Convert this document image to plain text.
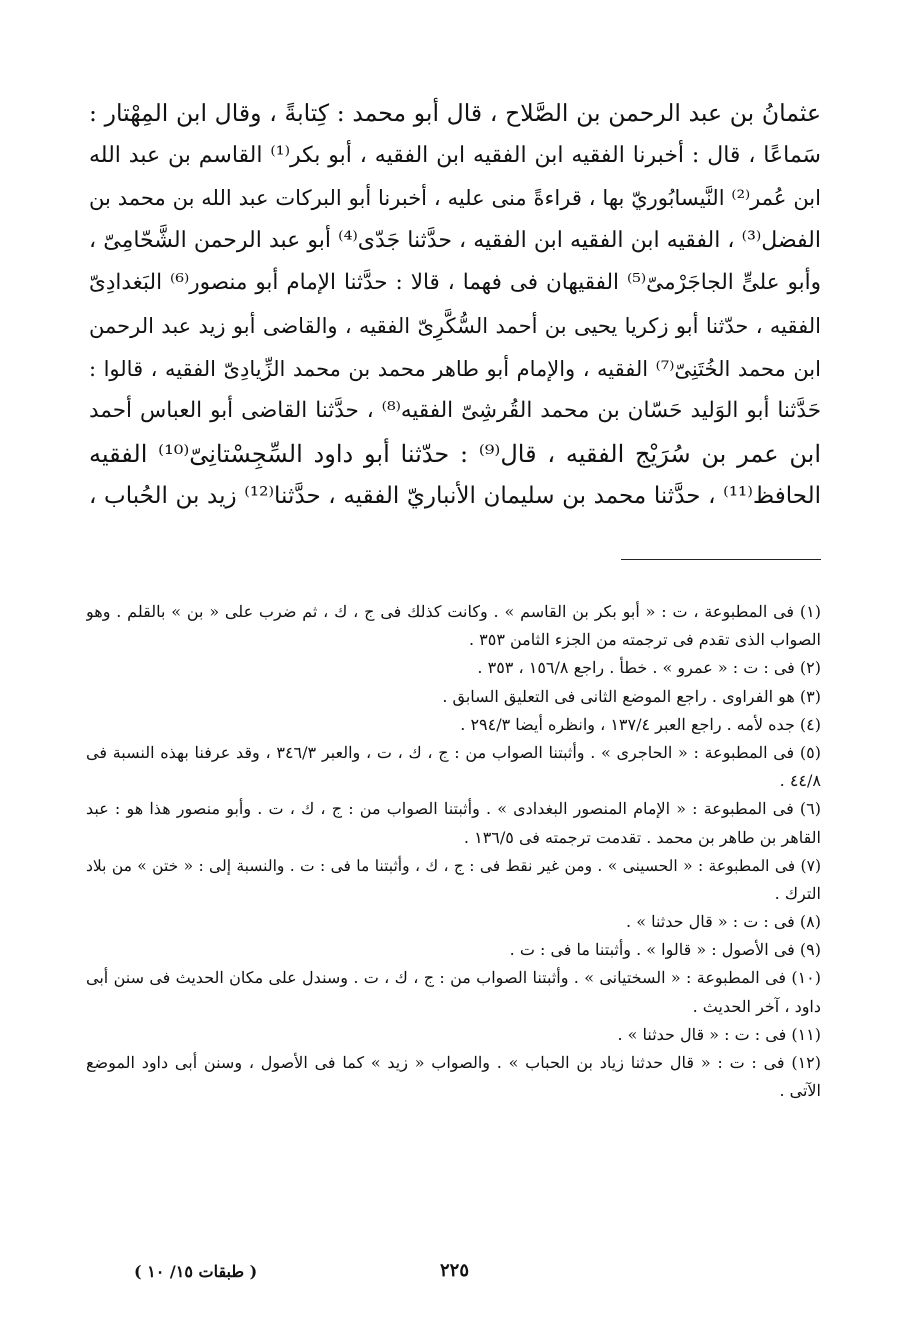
عثمانُ بن عبد الرحمن بن الصَّلاح ، قال أبو محمد : كِتابةً ، وقال ابن المِهْتار :
سَماعًا ، قال : أخبرنا الفقيه ابن الفقيه ابن الفقيه ، أبو بكر⁽¹⁾ القاسم بن عبد الله
ابن عُمر⁽²⁾ النَّيسابُوريّ بها ، قراءةً منى عليه ، أخبرنا أبو البركات عبد الله بن محمد بن
الفضل⁽³⁾ ، الفقيه ابن الفقيه ابن الفقيه ، حدَّثنا جَدّى⁽⁴⁾ أبو عبد الرحمن الشَّحّامِىّ ،
وأبو علىٍّ الجاجَرْمىّ⁽⁵⁾ الفقيهان فى فهما ، قالا : حدَّثنا الإمام أبو منصور⁽⁶⁾ البَغدادِىّ
الفقيه ، حدّثنا أبو زكريا يحيى بن أحمد السُّكَّرِىّ الفقيه ، والقاضى أبو زيد عبد الرحمن
ابن محمد الخُتَنِىّ⁽⁷⁾ الفقيه ، والإمام أبو طاهر محمد بن محمد الزِّيادِىّ الفقيه ، قالوا :
حَدَّثنا أبو الوَليد حَسّان بن محمد القُرشِىّ الفقيه⁽⁸⁾ ، حدَّثنا القاضى أبو العباس أحمد
ابن عمر بن سُرَيْج الفقيه ، قال⁽⁹⁾ : حدّثنا أبو داود السِّجِسْتانِىّ⁽¹⁰⁾ الفقيه
الحافظ⁽¹¹⁾ ، حدَّثنا محمد بن سليمان الأنباريّ الفقيه ، حدَّثنا⁽¹²⁾ زيد بن الحُباب ،
(١) فى المطبوعة ، ت : « أبو بكر بن القاسم » . وكانت كذلك فى ج ، ك ، ثم ضرب على « بن » بالقلم . وهو
الصواب الذى تقدم فى ترجمته من الجزء الثامن ٣٥٣ .
(٢) فى : ت : « عمرو » . خطأ . راجع ١٥٦/٨ ، ٣٥٣ .
(٣) هو الفراوى . راجع الموضع الثانى فى التعليق السابق .
(٤) جده لأمه . راجع العبر ١٣٧/٤ ، وانظره أيضا ٢٩٤/٣ .
(٥) فى المطبوعة : « الحاجرى » . وأثبتنا الصواب من : ج ، ك ، ت ، والعبر ٣٤٦/٣ ، وقد عرفنا بهذه النسبة فى
٤٤/٨ .
(٦) فى المطبوعة : « الإمام المنصور البغدادى » . وأثبتنا الصواب من : ج ، ك ، ت . وأبو منصور هذا هو : عبد
القاهر بن طاهر بن محمد . تقدمت ترجمته فى ١٣٦/٥ .
(٧) فى المطبوعة : « الحسينى » . ومن غير نقط فى : ج ، ك ، وأثبتنا ما فى : ت . والنسبة إلى : « ختن » من بلاد
الترك .
(٨) فى : ت : « قال حدثنا » .
(٩) فى الأصول : « قالوا » . وأثبتنا ما فى : ت .
(١٠) فى المطبوعة : « السختيانى » . وأثبتنا الصواب من : ج ، ك ، ت . وسندل على مكان الحديث فى سنن أبى
داود ، آخر الحديث .
(١١) فى : ت : « قال حدثنا » .
(١٢) فى : ت : « قال حدثنا زياد بن الحباب » . والصواب « زيد » كما فى الأصول ، وسنن أبى داود الموضع
الآتى .
٢٢٥
( طبقات ١٥/ ١٠ )
